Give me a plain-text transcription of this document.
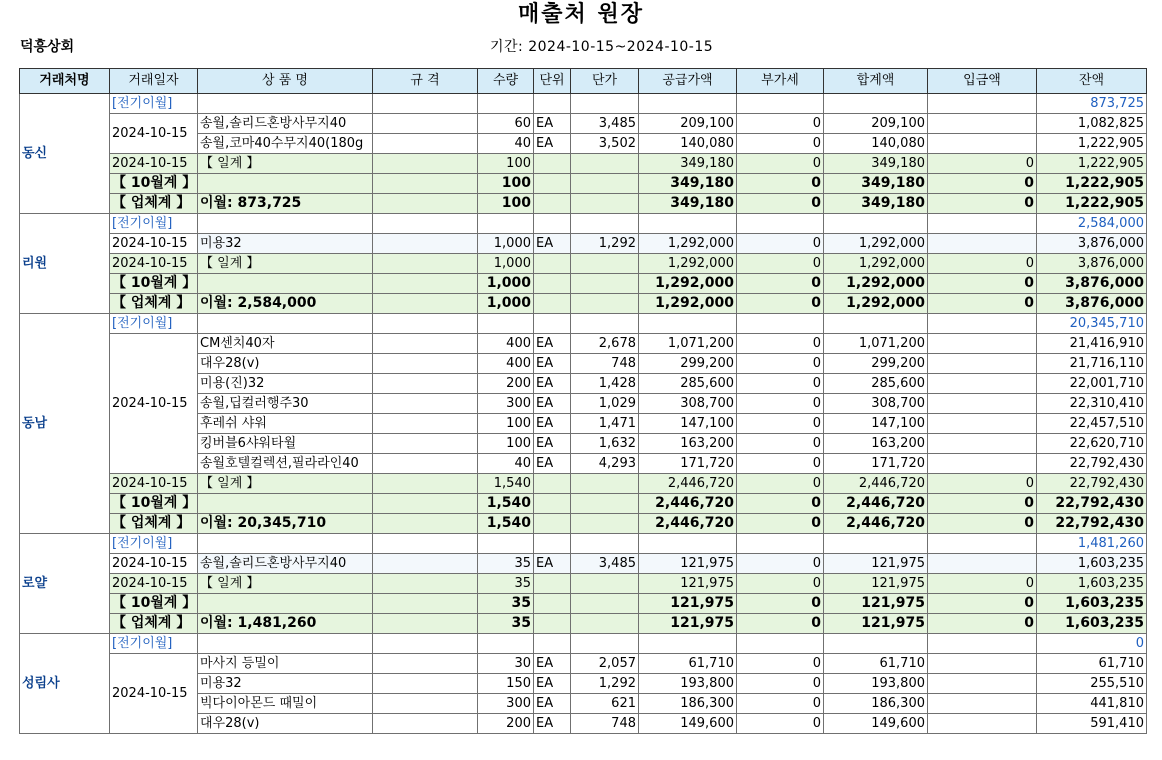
매출처 원장
덕흥상회	기간: 2024-10-15~2024-10-15
거래처명	거래일자	상 품 명	규 격	수량	단위	단가	공급가액	부가세	합계액	입금액	잔액
동신	[전기이월]										873,725
	2024-10-15	송월,솔리드혼방사무지40		60	EA	3,485	209,100	0	209,100		1,082,825
		송월,코마40수무지40(180g		40	EA	3,502	140,080	0	140,080		1,222,905
	2024-10-15	【 일계 】		100			349,180	0	349,180	0	1,222,905
	【 10월계 】			100			349,180	0	349,180	0	1,222,905
	【 업체계 】	이월: 873,725		100			349,180	0	349,180	0	1,222,905
리원	[전기이월]										2,584,000
	2024-10-15	미용32		1,000	EA	1,292	1,292,000	0	1,292,000		3,876,000
	2024-10-15	【 일계 】		1,000			1,292,000	0	1,292,000	0	3,876,000
	【 10월계 】			1,000			1,292,000	0	1,292,000	0	3,876,000
	【 업체계 】	이월: 2,584,000		1,000			1,292,000	0	1,292,000	0	3,876,000
동남	[전기이월]										20,345,710
	2024-10-15	CM센치40자		400	EA	2,678	1,071,200	0	1,071,200		21,416,910
		대우28(v)		400	EA	748	299,200	0	299,200		21,716,110
		미용(진)32		200	EA	1,428	285,600	0	285,600		22,001,710
		송월,딥컬러행주30		300	EA	1,029	308,700	0	308,700		22,310,410
		후레쉬 샤워		100	EA	1,471	147,100	0	147,100		22,457,510
		킹버블6샤워타월		100	EA	1,632	163,200	0	163,200		22,620,710
		송월호텔컬렉션,필라라인40		40	EA	4,293	171,720	0	171,720		22,792,430
	2024-10-15	【 일계 】		1,540			2,446,720	0	2,446,720	0	22,792,430
	【 10월계 】			1,540			2,446,720	0	2,446,720	0	22,792,430
	【 업체계 】	이월: 20,345,710		1,540			2,446,720	0	2,446,720	0	22,792,430
로얄	[전기이월]										1,481,260
	2024-10-15	송월,솔리드혼방사무지40		35	EA	3,485	121,975	0	121,975		1,603,235
	2024-10-15	【 일계 】		35			121,975	0	121,975	0	1,603,235
	【 10월계 】			35			121,975	0	121,975	0	1,603,235
	【 업체계 】	이월: 1,481,260		35			121,975	0	121,975	0	1,603,235
성림사	[전기이월]										0
	2024-10-15	마사지 등밀이		30	EA	2,057	61,710	0	61,710		61,710
		미용32		150	EA	1,292	193,800	0	193,800		255,510
		빅다이아몬드 때밀이		300	EA	621	186,300	0	186,300		441,810
		대우28(v)		200	EA	748	149,600	0	149,600		591,410
